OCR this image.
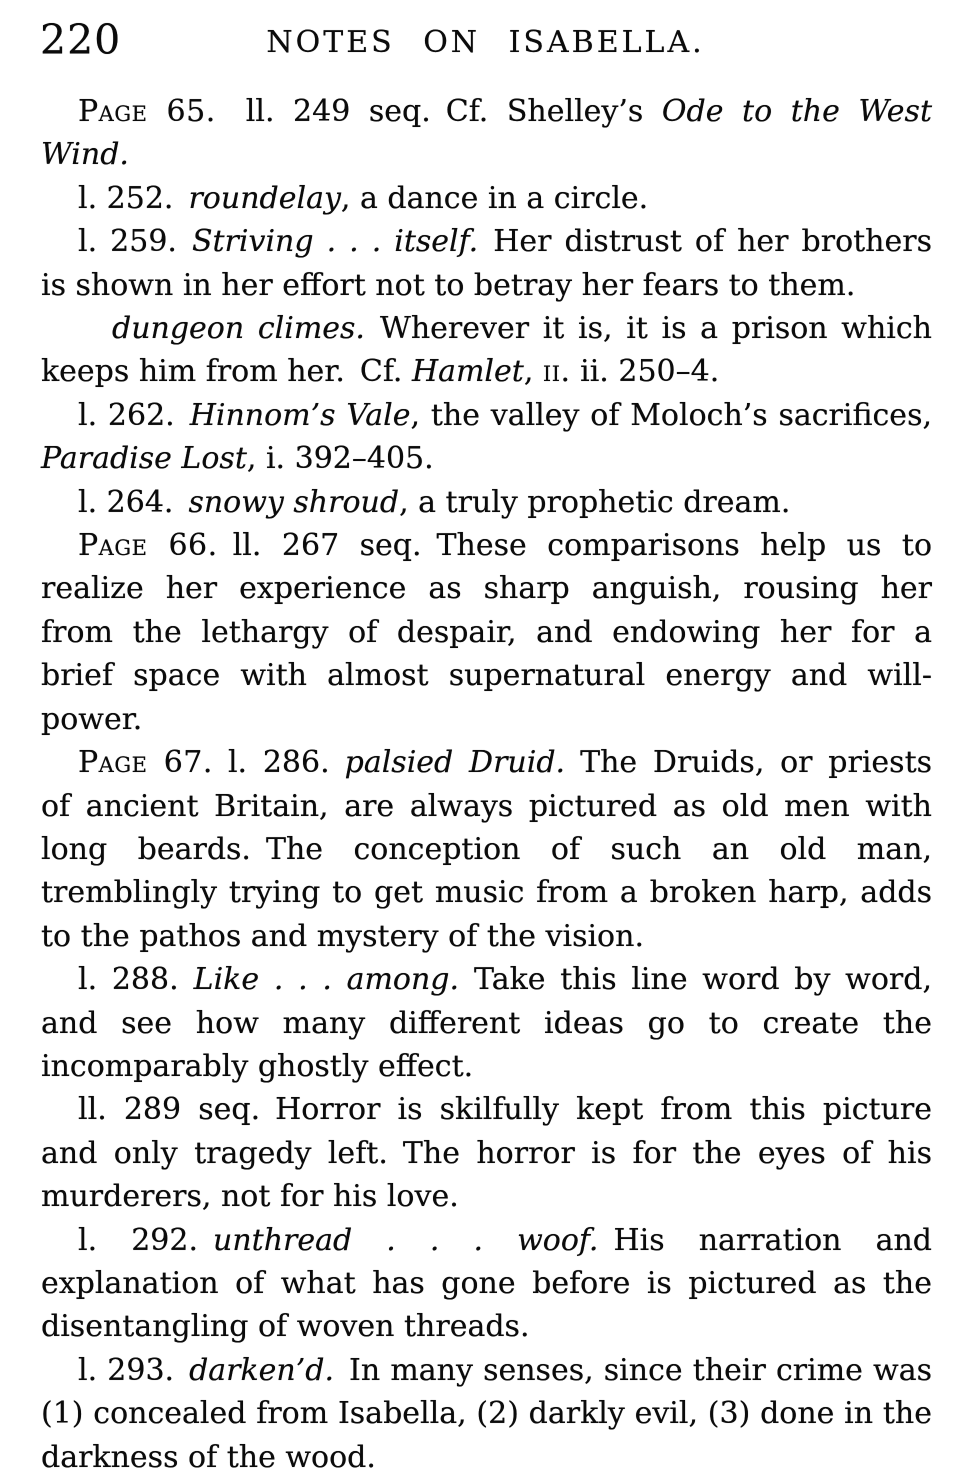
220	NOTES ON ISABELLA.

Page 65. ll. 249 seq. Cf. Shelley’s Ode to the West Wind.

l. 252. roundelay, a dance in a circle.

l. 259. Striving . . . itself. Her distrust of her brothers is shown in her effort not to betray her fears to them.

dungeon climes. Wherever it is, it is a prison which keeps him from her. Cf. Hamlet, ii. ii. 250–4.

l. 262. Hinnom’s Vale, the valley of Moloch’s sacrifices, Paradise Lost, i. 392–405.

l. 264. snowy shroud, a truly prophetic dream.

Page 66. ll. 267 seq. These comparisons help us to realize her experience as sharp anguish, rousing her from the lethargy of despair, and endowing her for a brief space with almost supernatural energy and will-power.

Page 67. l. 286. palsied Druid. The Druids, or priests of ancient Britain, are always pictured as old men with long beards. The conception of such an old man, tremblingly trying to get music from a broken harp, adds to the pathos and mystery of the vision.

l. 288. Like . . . among. Take this line word by word, and see how many different ideas go to create the incomparably ghostly effect.

ll. 289 seq. Horror is skilfully kept from this picture and only tragedy left. The horror is for the eyes of his murderers, not for his love.

l. 292. unthread . . . woof. His narration and explanation of what has gone before is pictured as the disentangling of woven threads.

l. 293. darken’d. In many senses, since their crime was (1) concealed from Isabella, (2) darkly evil, (3) done in the darkness of the wood.
